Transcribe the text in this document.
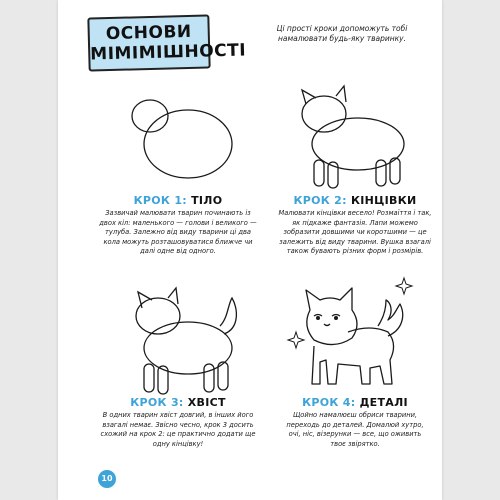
ОСНОВИ
МІМІМІШНОСТІ
Ці прості кроки допоможуть тобі намалювати будь-яку тваринку.
КРОК 1: ТІЛО	КРОК 2: КІНЦІВКИ
КРОК 3: ХВІСТ	КРОК 4: ДЕТАЛІ
Зазвичай малювати тварин починають із двох кіл: маленького — голови і великого — тулуба. Залежно від виду тварини ці два кола можуть розташовуватися ближче чи далі одне від одного.
Малювати кінцівки весело! Розмаїття і так, як підкаже фантазія. Лапи можемо зобразити довшими чи коротшими — це залежить від виду тварини. Вушка взагалі також бувають різних форм і розмірів.
В одних тварин хвіст довгий, в інших його взагалі немає. Звісно чесно, крок 3 досить схожий на крок 2: це практично додати ще одну кінцівку!
Щойно намалюєш обриси тварини, переходь до деталей. Домалюй хутро, очі, ніс, візерунки — все, що оживить твоє звірятко.
10
